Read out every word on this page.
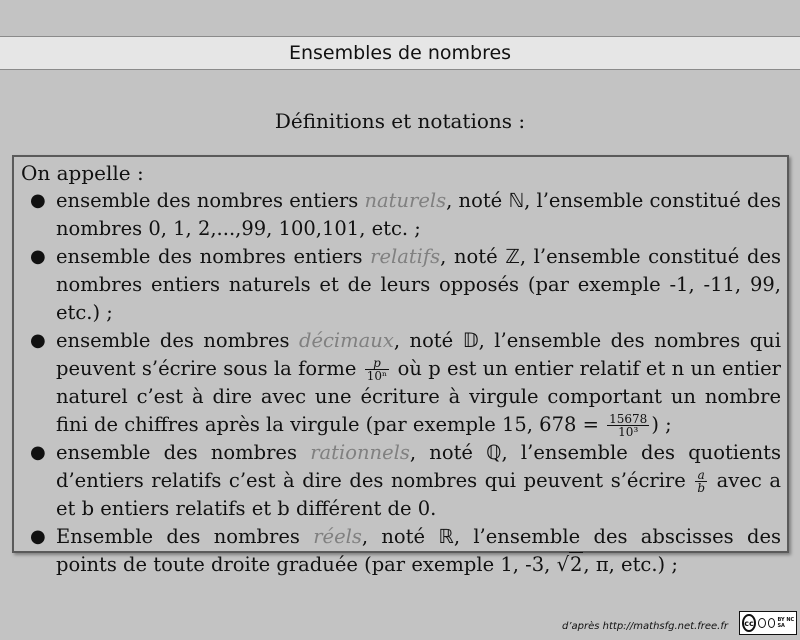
Ensembles de nombres
Définitions et notations :
On appelle :
● ensemble des nombres entiers naturels, noté ℕ, l’ensemble constitué des nombres 0, 1, 2,...,99, 100,101, etc. ;
● ensemble des nombres entiers relatifs, noté ℤ, l’ensemble constitué des nombres entiers naturels et de leurs opposés (par exemple -1, -11, 99, etc.) ;
● ensemble des nombres décimaux, noté 𝔻, l’ensemble des nombres qui peuvent s’écrire sous la forme $\frac{p}{\text{10ⁿ}}$ où p est un entier relatif et n un entier naturel c’est à dire avec une écriture à virgule comportant un nombre fini de chiffres après la virgule (par exemple 15, $678 = \frac{15678}{\text{10³}}$ ) ;
● ensemble des nombres rationnels, noté ℚ, l’ensemble des quotients d’entiers relatifs c’est à dire des nombres qui peuvent s’écrire $\frac{a}{b}$ avec a et b entiers relatifs et b différent de 0.
● Ensemble des nombres réels, noté ℝ, l’ensemble des abscisses des points de toute droite graduée (par exemple 1, -3, √2, π, etc.) ;
d’après http://mathsfg.net.free.fr cc	BY NC SA
